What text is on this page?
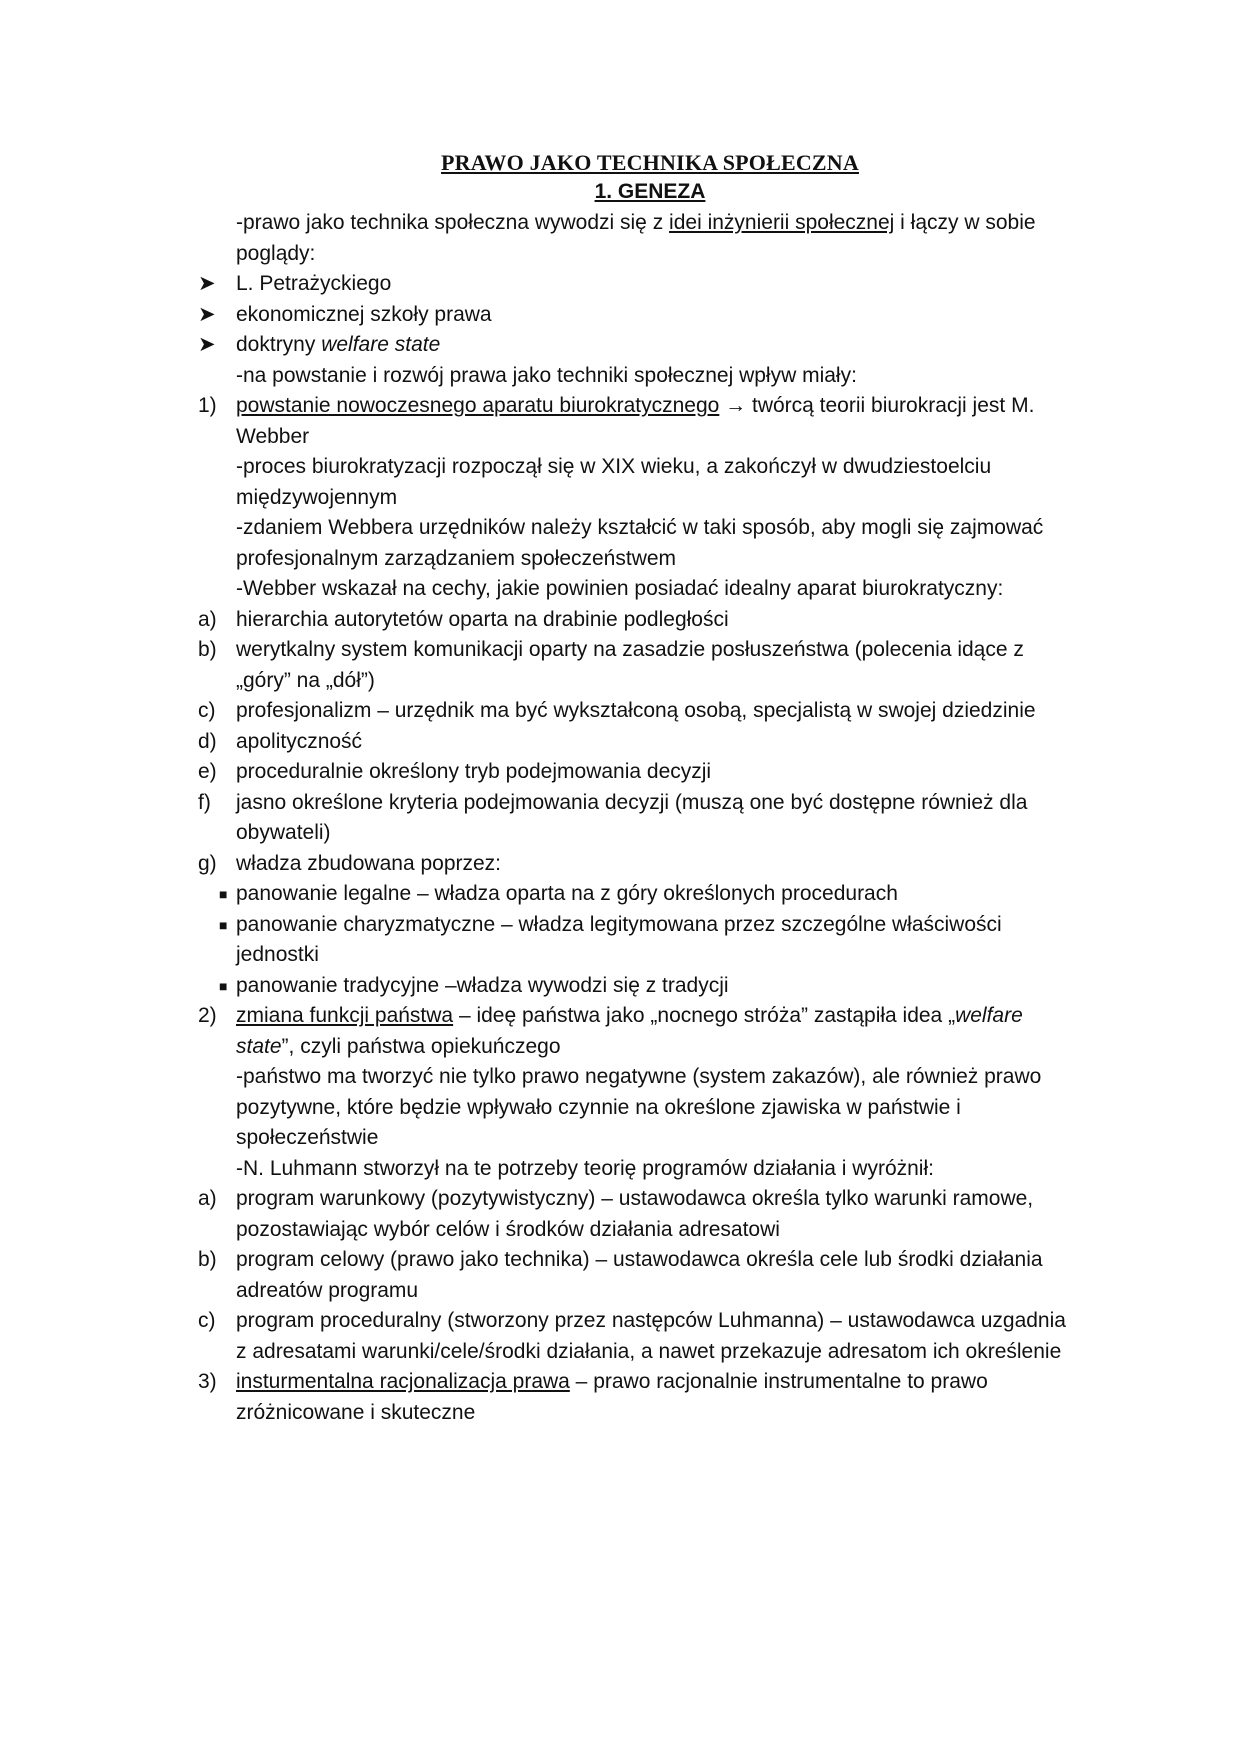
PRAWO JAKO TECHNIKA SPOŁECZNA
1. GENEZA
-prawo jako technika społeczna wywodzi się z idei inżynierii społecznej i łączy w sobie poglądy:
➤ L. Petrażyckiego
➤ ekonomicznej szkoły prawa
➤ doktryny welfare state
-na powstanie i rozwój prawa jako techniki społecznej wpływ miały:
1) powstanie nowoczesnego aparatu biurokratycznego → twórcą teorii biurokracji jest M. Webber
-proces biurokratyzacji rozpoczął się w XIX wieku, a zakończył w dwudziestoelciu międzywojennym
-zdaniem Webbera urzędników należy kształcić w taki sposób, aby mogli się zajmować profesjonalnym zarządzaniem społeczeństwem
-Webber wskazał na cechy, jakie powinien posiadać idealny aparat biurokratyczny:
a) hierarchia autorytetów oparta na drabinie podległości
b) werytkalny system komunikacji oparty na zasadzie posłuszeństwa (polecenia idące z „góry” na „dół”)
c) profesjonalizm – urzędnik ma być wykształconą osobą, specjalistą w swojej dziedzinie
d) apolityczność
e) proceduralnie określony tryb podejmowania decyzji
f) jasno określone kryteria podejmowania decyzji (muszą one być dostępne również dla obywateli)
g) władza zbudowana poprzez:
■ panowanie legalne – władza oparta na z góry określonych procedurach
■ panowanie charyzmatyczne – władza legitymowana przez szczególne właściwości jednostki
■ panowanie tradycyjne –władza wywodzi się z tradycji
2) zmiana funkcji państwa – ideę państwa jako „nocnego stróża” zastąpiła idea „welfare state”, czyli państwa opiekuńczego
-państwo ma tworzyć nie tylko prawo negatywne (system zakazów), ale również prawo pozytywne, które będzie wpływało czynnie na określone zjawiska w państwie i społeczeństwie
-N. Luhmann stworzył na te potrzeby teorię programów działania i wyróżnił:
a) program warunkowy (pozytywistyczny) – ustawodawca określa tylko warunki ramowe, pozostawiając wybór celów i środków działania adresatowi
b) program celowy (prawo jako technika) – ustawodawca określa cele lub środki działania adreatów programu
c) program proceduralny (stworzony przez następców Luhmanna) – ustawodawca uzgadnia z adresatami warunki/cele/środki działania, a nawet przekazuje adresatom ich określenie
3) insturmentalna racjonalizacja prawa – prawo racjonalnie instrumentalne to prawo zróżnicowane i skuteczne
